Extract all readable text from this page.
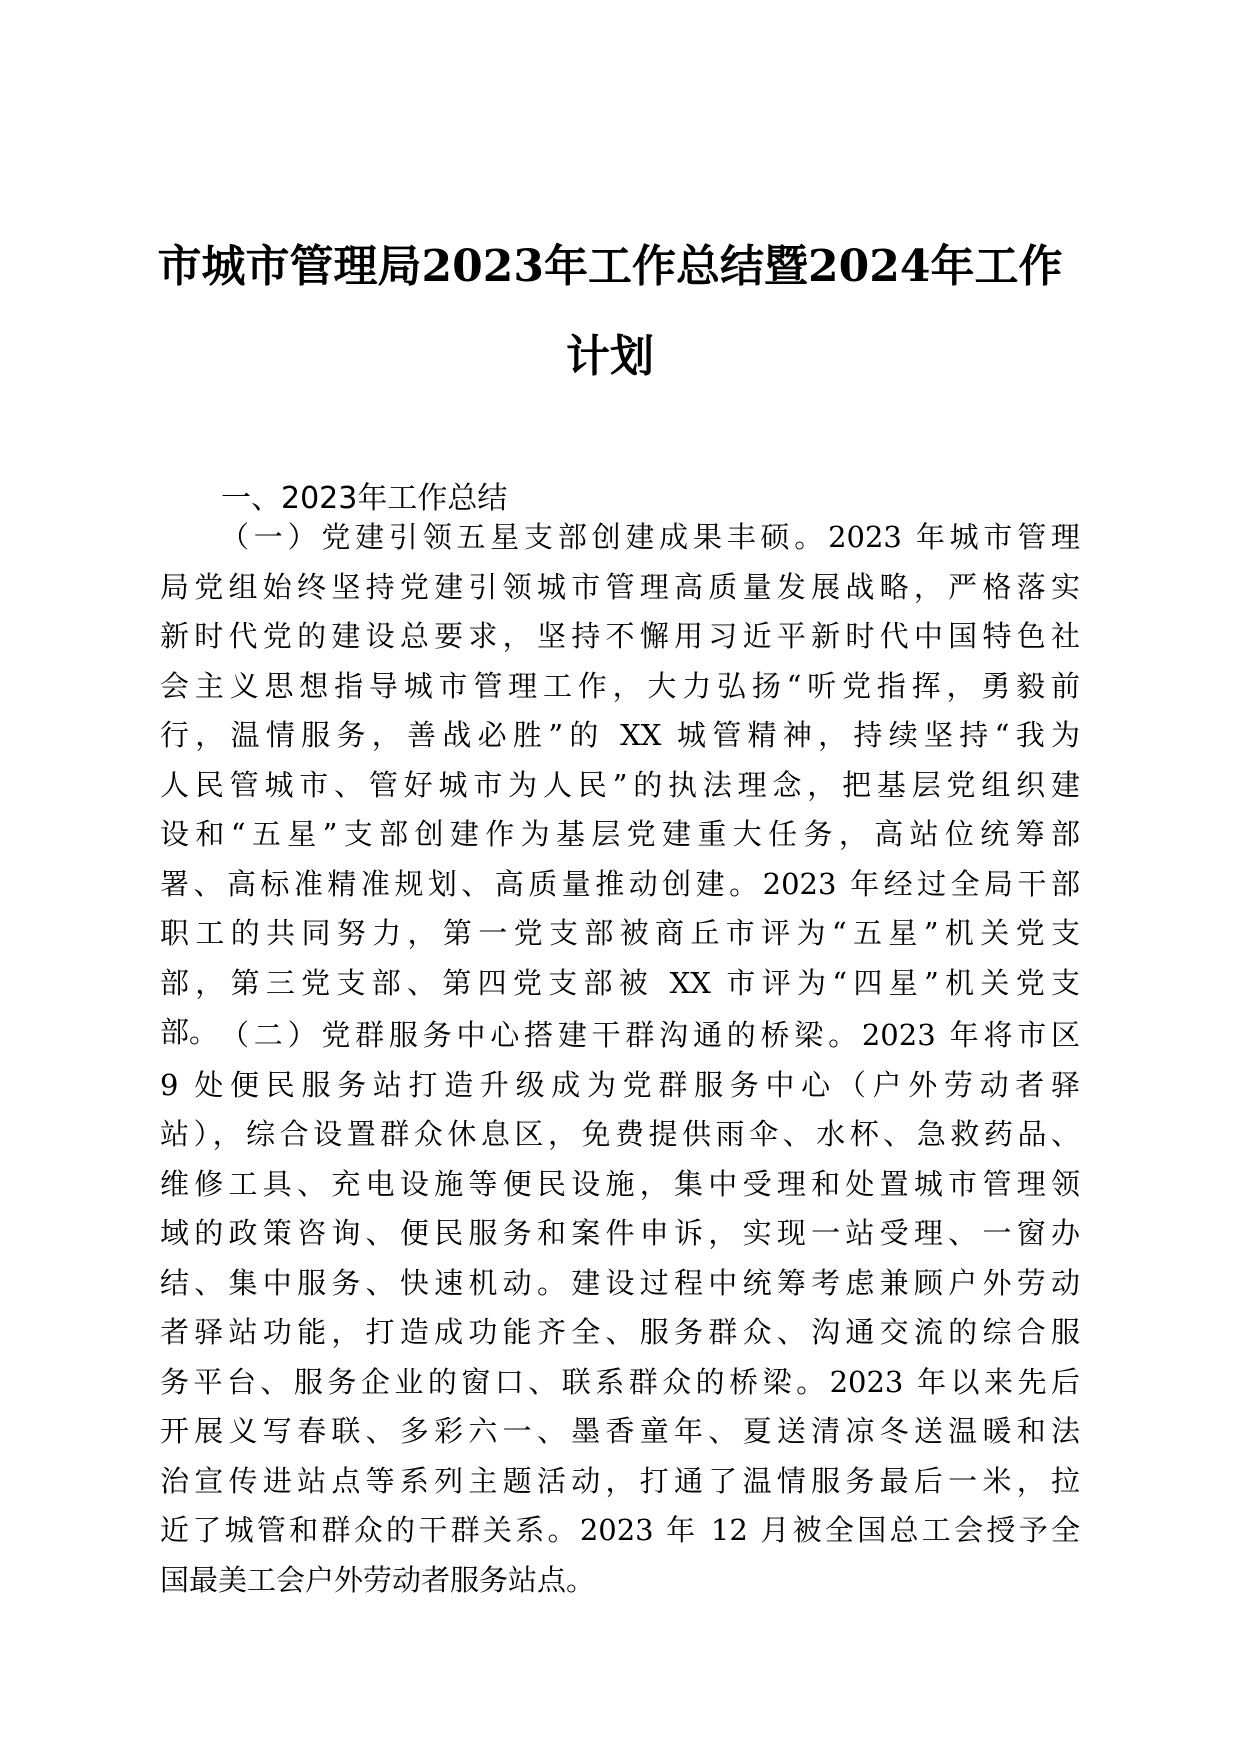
市城市管理局2023年工作总结暨2024年工作
计划
一、2023年工作总结
（一）党建引领五星支部创建成果丰硕。2023 年城市管理
局党组始终坚持党建引领城市管理高质量发展战略，严格落实
新时代党的建设总要求，坚持不懈用习近平新时代中国特色社
会主义思想指导城市管理工作，大力弘扬“听党指挥，勇毅前
行，温情服务，善战必胜”的 XX 城管精神，持续坚持“我为
人民管城市、管好城市为人民”的执法理念，把基层党组织建
设和“五星”支部创建作为基层党建重大任务，高站位统筹部
署、高标准精准规划、高质量推动创建。2023 年经过全局干部
职工的共同努力，第一党支部被商丘市评为“五星”机关党支
部，第三党支部、第四党支部被 XX 市评为“四星”机关党支
部。 （二）党群服务中心搭建干群沟通的桥梁。2023 年将市区
9 处便民服务站打造升级成为党群服务中心（户外劳动者驿
站），综合设置群众休息区，免费提供雨伞、水杯、急救药品、
维修工具、充电设施等便民设施，集中受理和处置城市管理领
域的政策咨询、便民服务和案件申诉，实现一站受理、一窗办
结、集中服务、快速机动。建设过程中统筹考虑兼顾户外劳动
者驿站功能，打造成功能齐全、服务群众、沟通交流的综合服
务平台、服务企业的窗口、联系群众的桥梁。2023 年以来先后
开展义写春联、多彩六一、墨香童年、夏送清凉冬送温暖和法
治宣传进站点等系列主题活动，打通了温情服务最后一米，拉
近了城管和群众的干群关系。2023 年 12 月被全国总工会授予全
国最美工会户外劳动者服务站点。
